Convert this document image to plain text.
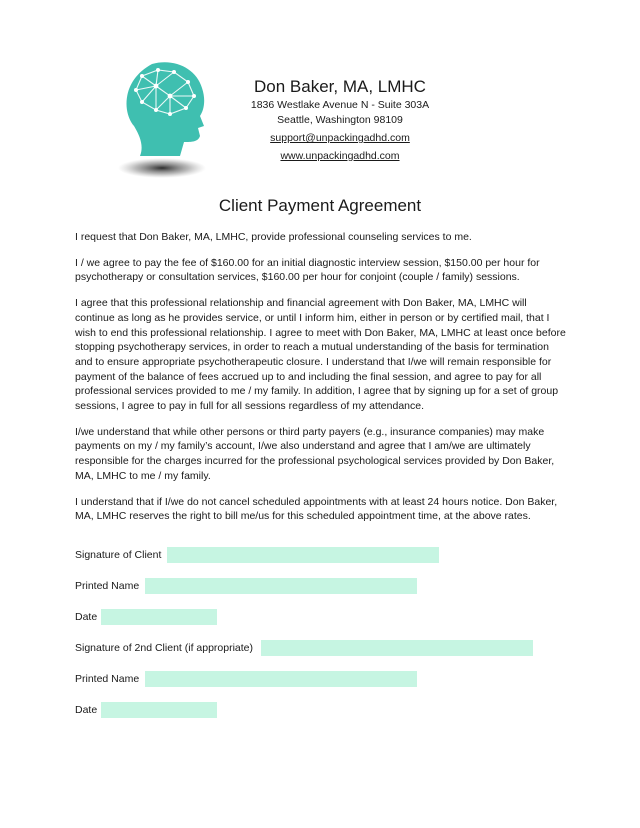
Don Baker, MA, LMHC
1836 Westlake Avenue N - Suite 303A
Seattle, Washington 98109
support@unpackingadhd.com
www.unpackingadhd.com
Client Payment Agreement

I request that Don Baker, MA, LMHC, provide professional counseling services to me.

I / we agree to pay the fee of $160.00 for an initial diagnostic interview session, $150.00 per hour for psychotherapy or consultation services, $160.00 per hour for conjoint (couple / family) sessions.

I agree that this professional relationship and financial agreement with Don Baker, MA, LMHC will continue as long as he provides service, or until I inform him, either in person or by certified mail, that I wish to end this professional relationship. I agree to meet with Don Baker, MA, LMHC at least once before stopping psychotherapy services, in order to reach a mutual understanding of the basis for termination and to ensure appropriate psychotherapeutic closure. I understand that I/we will remain responsible for payment of the balance of fees accrued up to and including the final session, and agree to pay for all professional services provided to me / my family. In addition, I agree that by signing up for a set of group sessions, I agree to pay in full for all sessions regardless of my attendance.

I/we understand that while other persons or third party payers (e.g., insurance companies) may make payments on my / my family’s account, I/we also understand and agree that I am/we are ultimately responsible for the charges incurred for the professional psychological services provided by Don Baker, MA, LMHC to me / my family.

I understand that if I/we do not cancel scheduled appointments with at least 24 hours notice. Don Baker, MA, LMHC reserves the right to bill me/us for this scheduled appointment time, at the above rates.

Signature of Client
Printed Name
Date
Signature of 2nd Client (if appropriate)
Printed Name
Date
